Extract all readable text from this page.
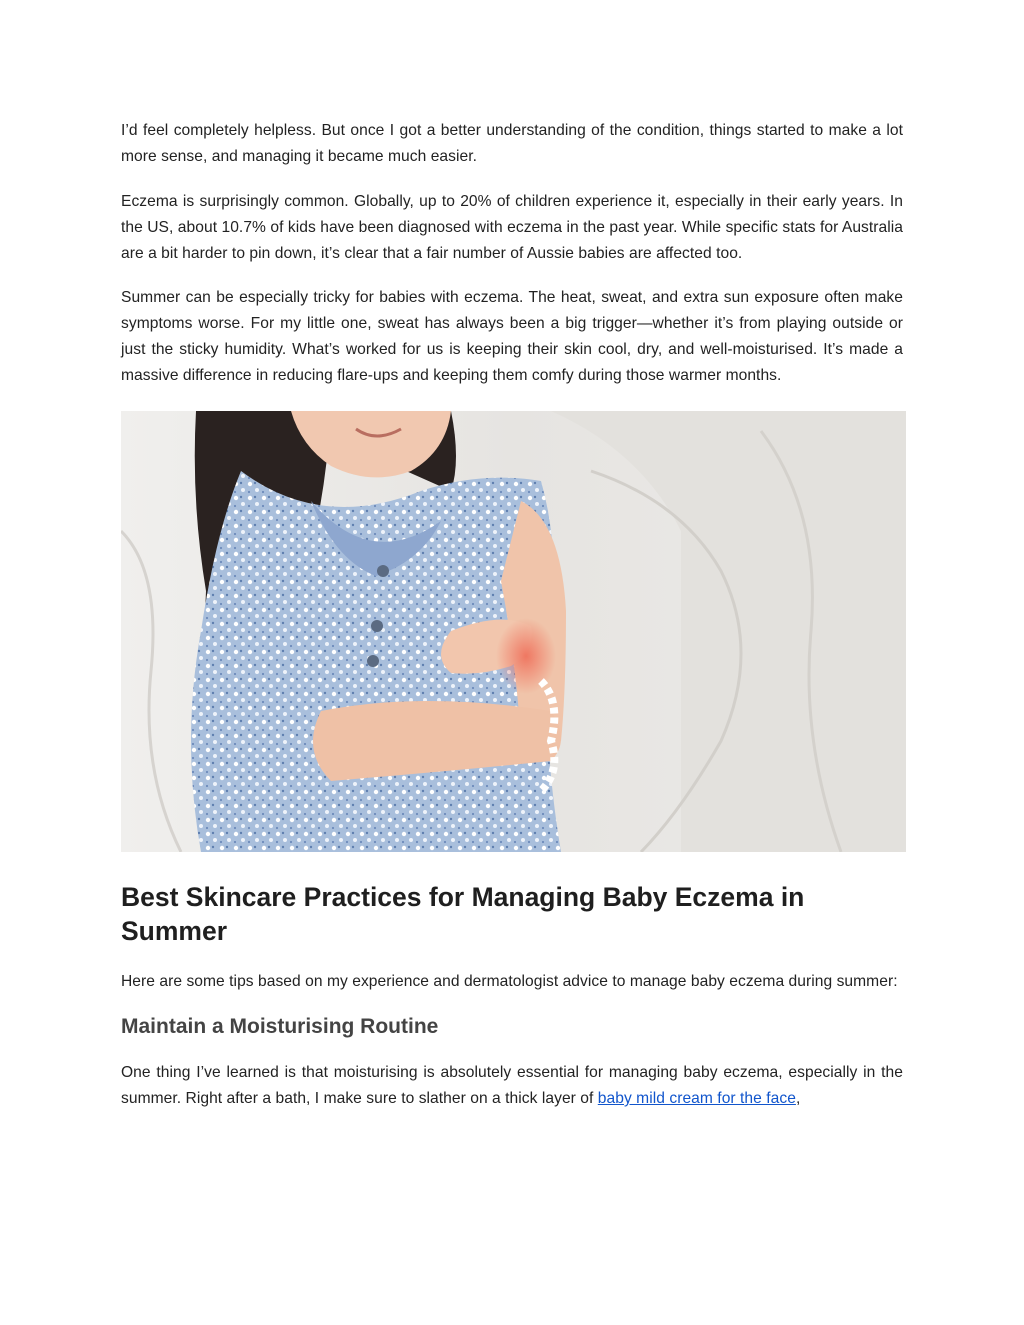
I’d feel completely helpless. But once I got a better understanding of the condition, things started to make a lot more sense, and managing it became much easier.

Eczema is surprisingly common. Globally, up to 20% of children experience it, especially in their early years. In the US, about 10.7% of kids have been diagnosed with eczema in the past year. While specific stats for Australia are a bit harder to pin down, it’s clear that a fair number of Aussie babies are affected too.

Summer can be especially tricky for babies with eczema. The heat, sweat, and extra sun exposure often make symptoms worse. For my little one, sweat has always been a big trigger—whether it’s from playing outside or just the sticky humidity. What’s worked for us is keeping their skin cool, dry, and well-moisturised. It’s made a massive difference in reducing flare-ups and keeping them comfy during those warmer months.

Best Skincare Practices for Managing Baby Eczema in Summer

Here are some tips based on my experience and dermatologist advice to manage baby eczema during summer:

Maintain a Moisturising Routine

One thing I’ve learned is that moisturising is absolutely essential for managing baby eczema, especially in the summer. Right after a bath, I make sure to slather on a thick layer of baby mild cream for the face,
